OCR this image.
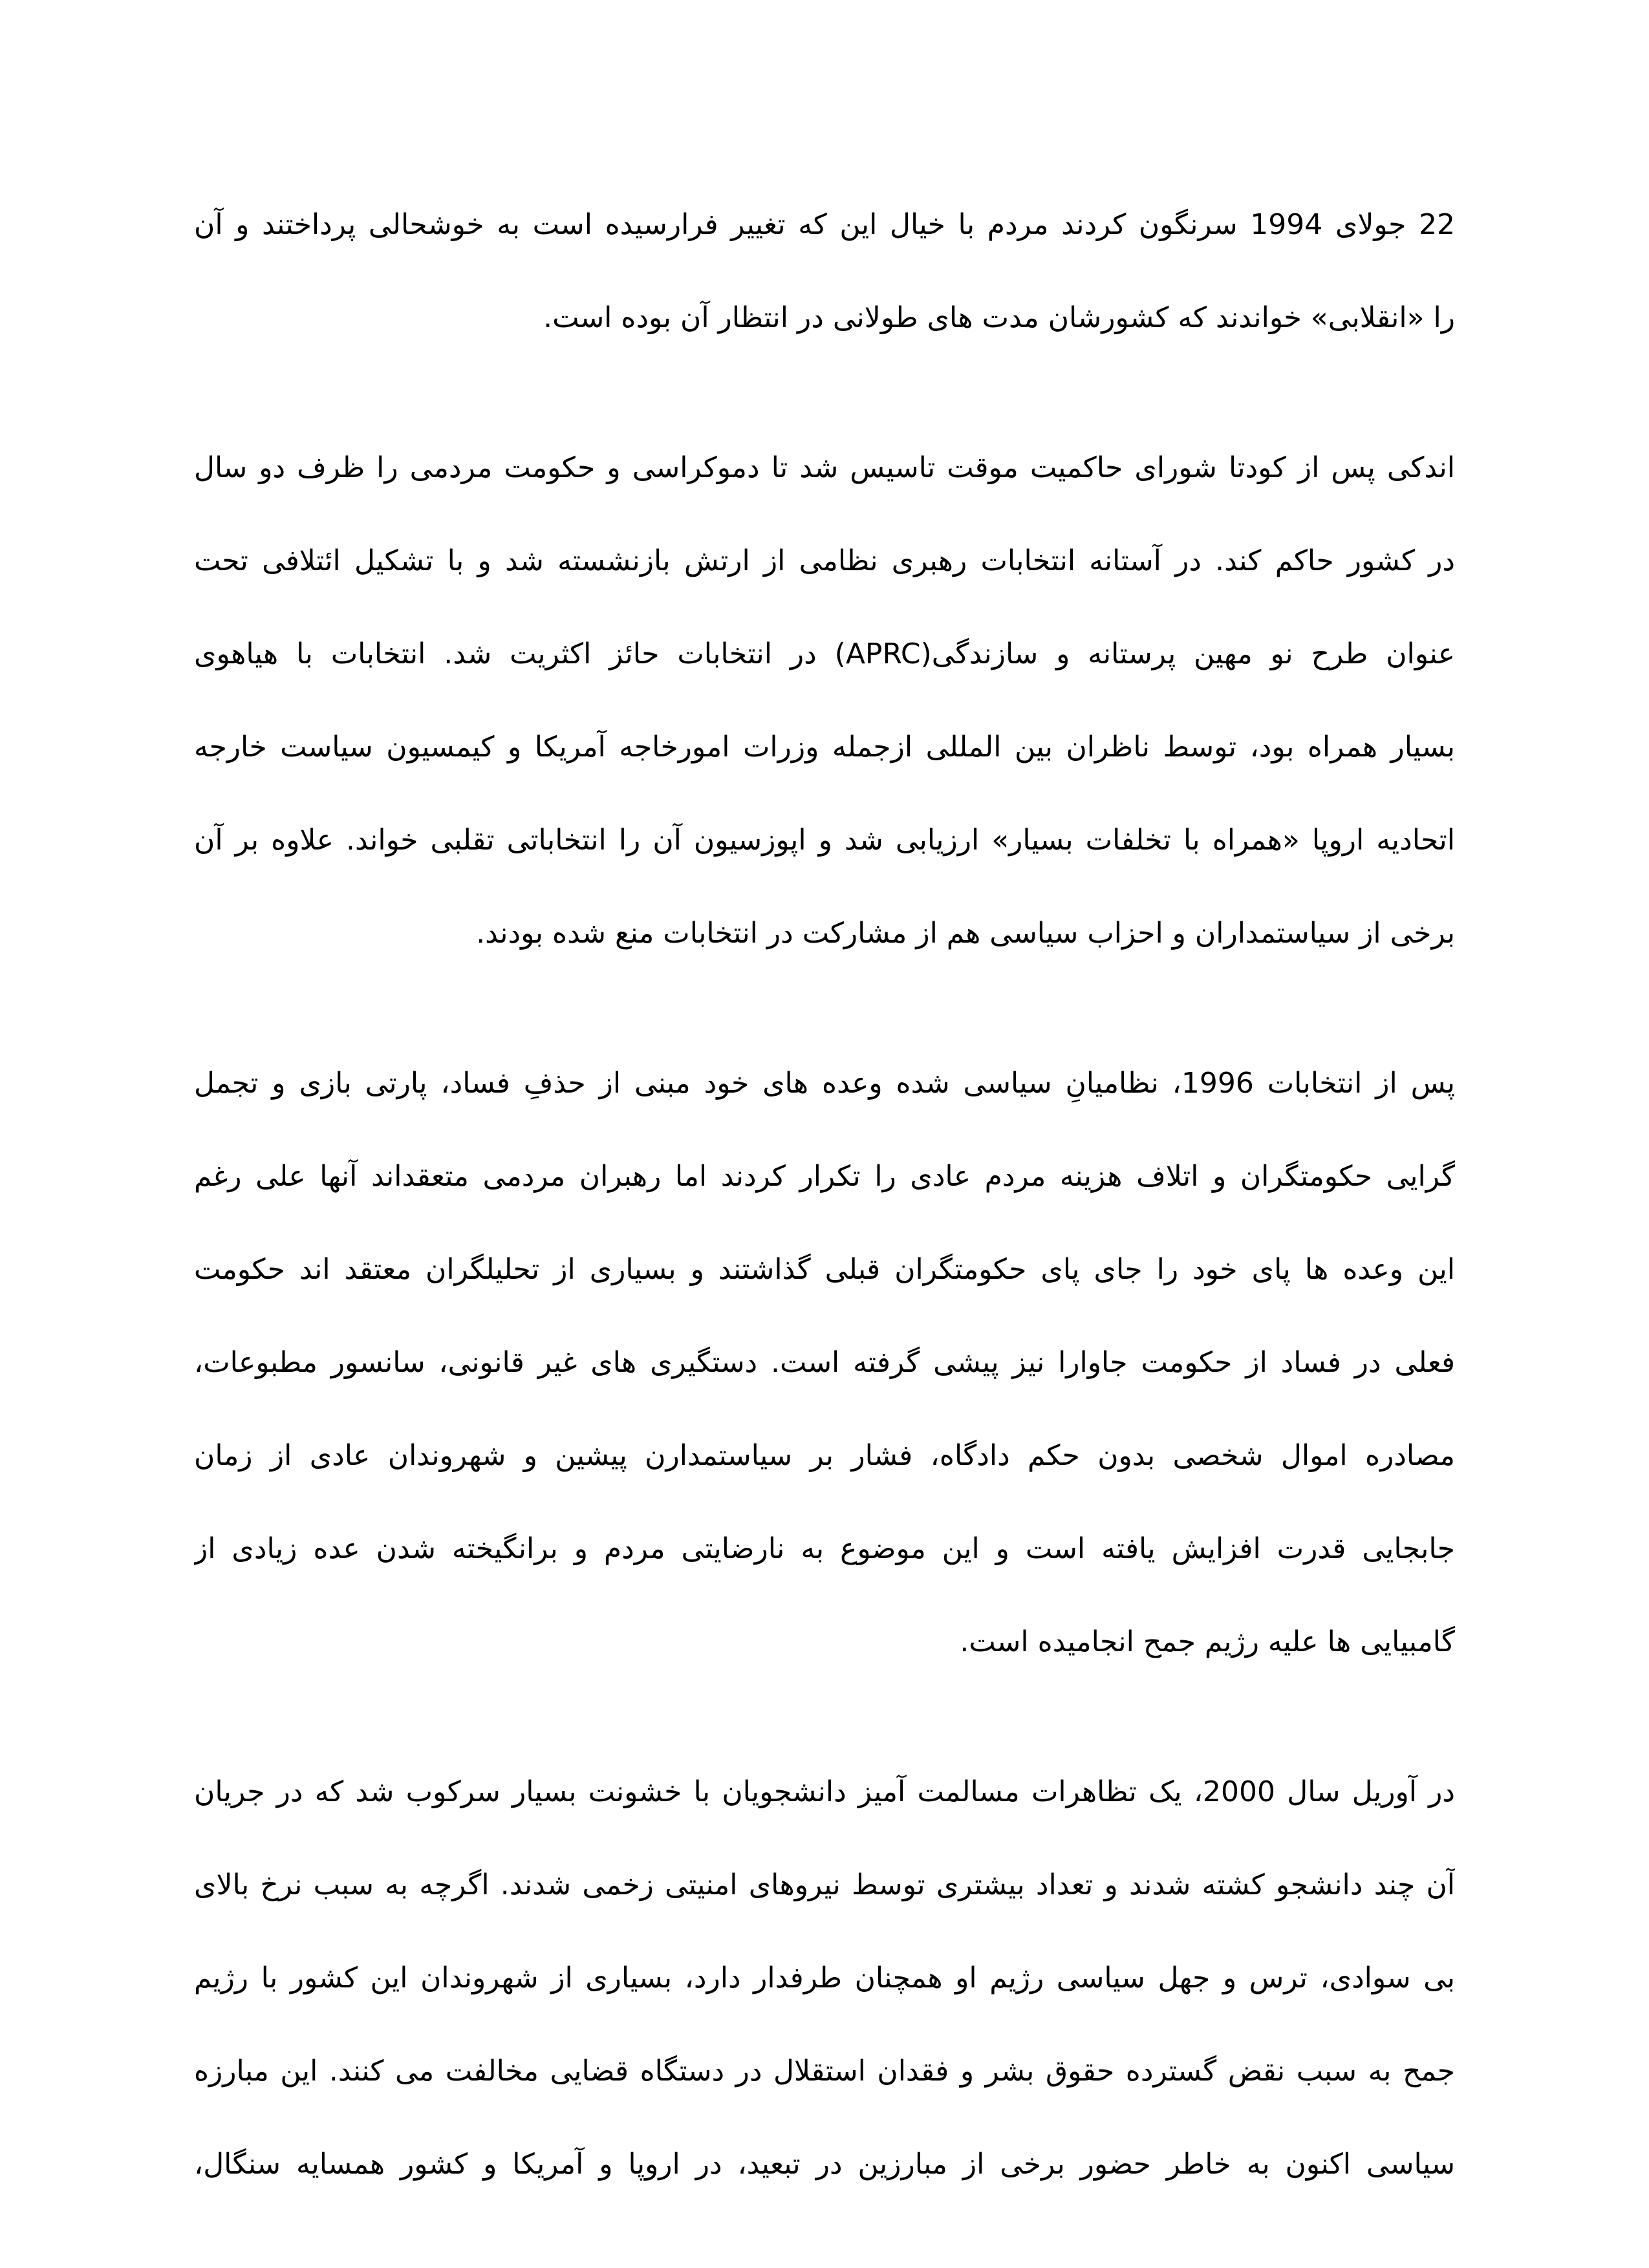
22 جولای 1994 سرنگون کردند مردم با خیال این که تغییر فرارسیده است به خوشحالی پرداختند و آن
را «انقلابی» خواندند که کشورشان مدت های طولانی در انتظار آن بوده است.
اندکی پس از کودتا شورای حاکمیت موقت تاسیس شد تا دموکراسی و حکومت مردمی را ظرف دو سال
در کشور حاکم کند. در آستانه انتخابات رهبری نظامی از ارتش بازنشسته شد و با تشکیل ائتلافی تحت
عنوان طرح نو مهین پرستانه و سازندگی(APRC) در انتخابات حائز اکثریت شد. انتخابات با هیاهوی
بسیار همراه بود، توسط ناظران بین المللی ازجمله وزرات امورخاجه آمریکا و کیمسیون سیاست خارجه
اتحادیه اروپا «همراه با تخلفات بسیار» ارزیابی شد و اپوزسیون آن را انتخاباتی تقلبی خواند. علاوه بر آن
برخی از سیاستمداران و احزاب سیاسی هم از مشارکت در انتخابات منع شده بودند.
پس از انتخابات 1996، نظامیانِ سیاسی شده وعده های خود مبنی از حذفِ فساد، پارتی بازی و تجمل
گرایی حکومتگران و اتلاف هزینه مردم عادی را تکرار کردند اما رهبران مردمی متعقداند آنها علی رغم
این وعده ها پای خود را جای پای حکومتگران قبلی گذاشتند و بسیاری از تحلیلگران معتقد اند حکومت
فعلی در فساد از حکومت جاوارا نیز پیشی گرفته است. دستگیری های غیر قانونی، سانسور مطبوعات،
مصادره اموال شخصی بدون حکم دادگاه، فشار بر سیاستمدارن پیشین و شهروندان عادی از زمان
جابجایی قدرت افزایش یافته است و این موضوع به نارضایتی مردم و برانگیخته شدن عده زیادی از
گامبیایی ها علیه رژیم جمح انجامیده است.
در آوریل سال 2000، یک تظاهرات مسالمت آمیز دانشجویان با خشونت بسیار سرکوب شد که در جریان
آن چند دانشجو کشته شدند و تعداد بیشتری توسط نیروهای امنیتی زخمی شدند. اگرچه به سبب نرخ بالای
بی سوادی، ترس و جهل سیاسی رژیم او همچنان طرفدار دارد، بسیاری از شهروندان این کشور با رژیم
جمح به سبب نقض گسترده حقوق بشر و فقدان استقلال در دستگاه قضایی مخالفت می کنند. این مبارزه
سیاسی اکنون به خاطر حضور برخی از مبارزین در تبعید، در اروپا و آمریکا و کشور همسایه سنگال،
